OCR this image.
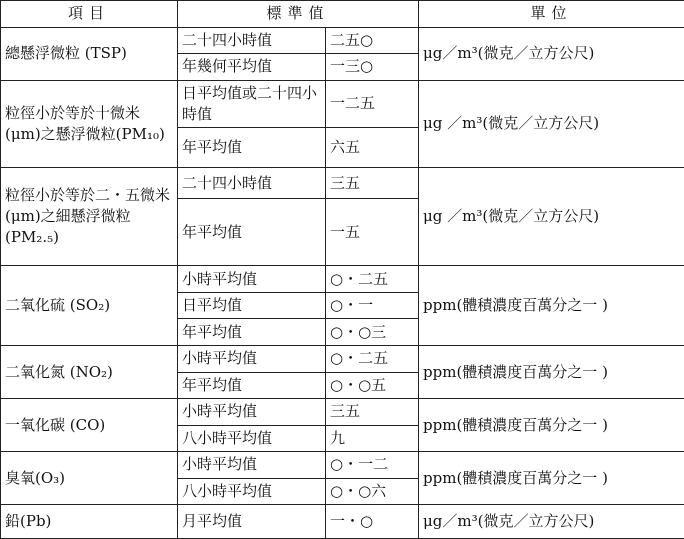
項目	標準值		單位
總懸浮微粒 (TSP)	二十四小時值	二五○	μg／m³(微克／立方公尺)
	年幾何平均值	一三○	
粒徑小於等於十微米(μm)之懸浮微粒(PM₁₀)	日平均值或二十四小時值	一二五	μg ／m³(微克／立方公尺)
	年平均值	六五	
粒徑小於等於二・五微米(μm)之細懸浮微粒(PM₂.₅)	二十四小時值	三五	μg ／m³(微克／立方公尺)
	年平均值	一五	
二氧化硫 (SO₂)	小時平均值	○・二五	ppm(體積濃度百萬分之一 )
	日平均值	○・一	
	年平均值	○・○三	
二氧化氮 (NO₂)	小時平均值	○・二五	ppm(體積濃度百萬分之一 )
	年平均值	○・○五	
一氧化碳 (CO)	小時平均值	三五	ppm(體積濃度百萬分之一 )
	八小時平均值	九	
臭氧(O₃)	小時平均值	○・一二	ppm(體積濃度百萬分之一 )
	八小時平均值	○・○六	
鉛(Pb)	月平均值	一・○	μg／m³(微克／立方公尺)
